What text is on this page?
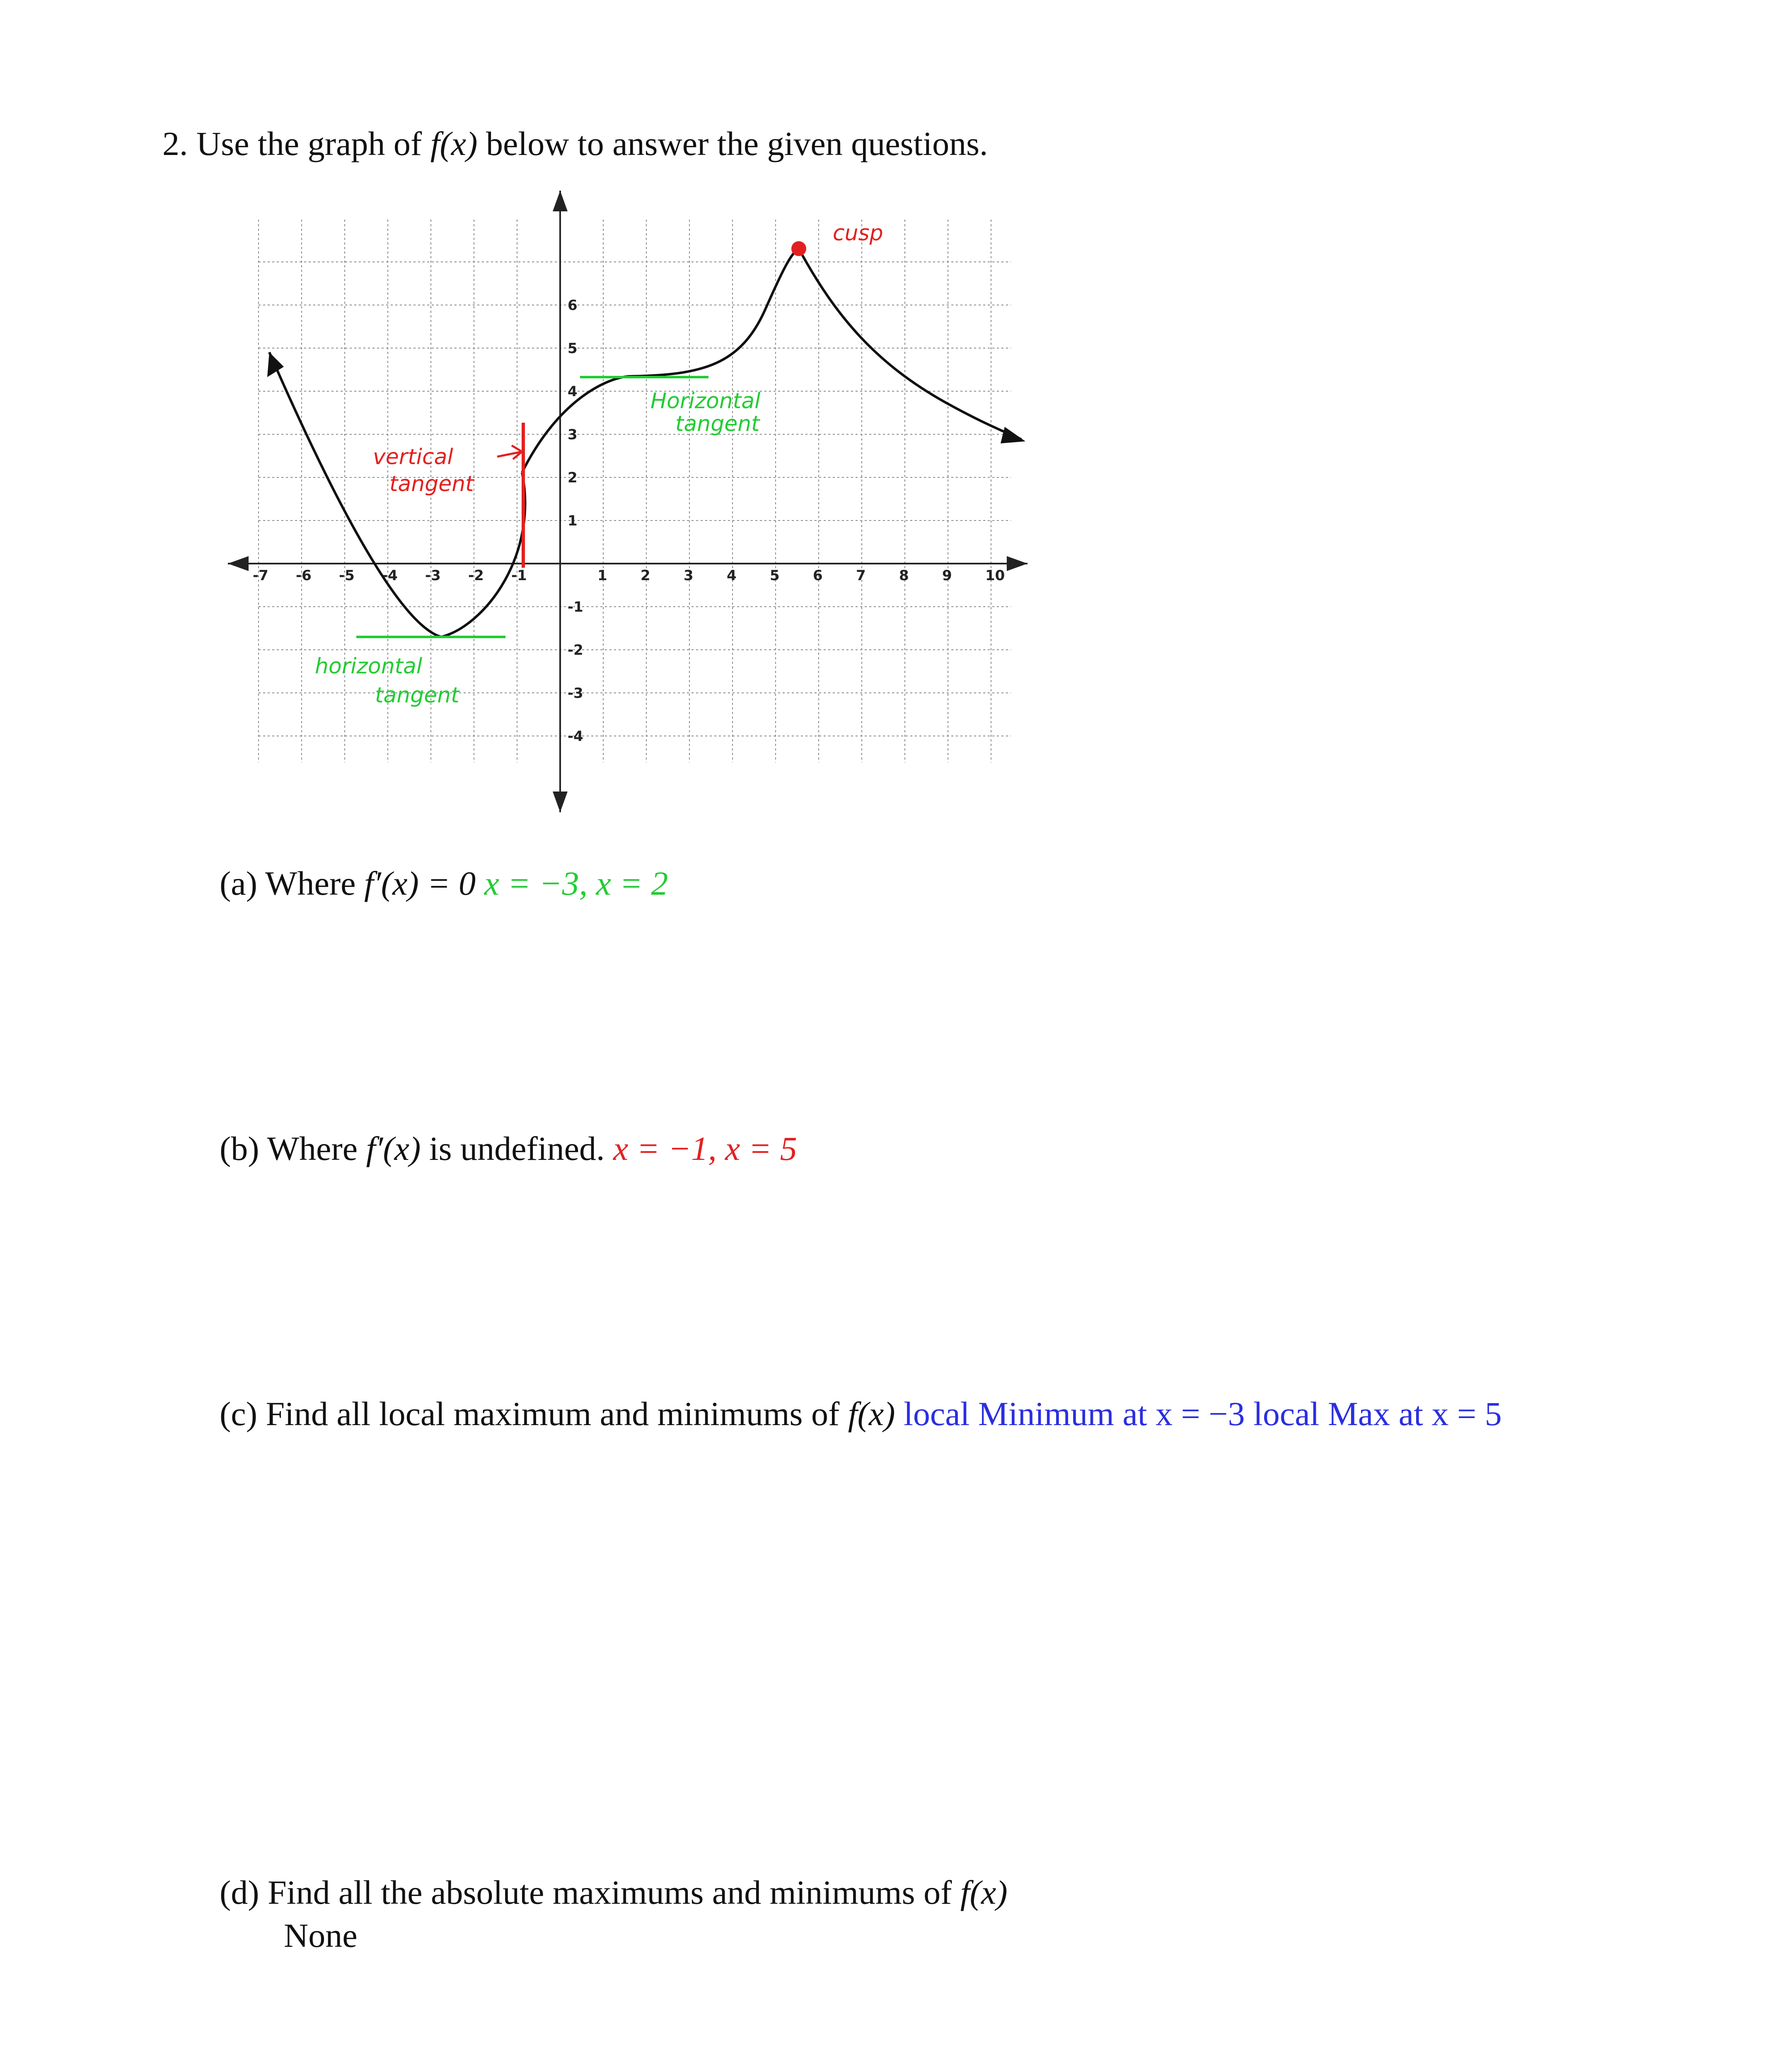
2. Use the graph of f(x) below to answer the given questions.
-7 -6 -5 -4 -3 -2 -1	1 2 3 4 5 6 7 8 9 10
6
5
4
3
2
1
-1
-2
-3
-4
cusp
Horizontal
tangent
vertical
tangent
horizontal
tangent
(a) Where f′(x) = 0 x = −3, x = 2
(b) Where f′(x) is undefined. x = −1, x = 5
(c) Find all local maximum and minimums of f(x) local Minimum at x = −3 local Max at x = 5
(d) Find all the absolute maximums and minimums of f(x)
None
